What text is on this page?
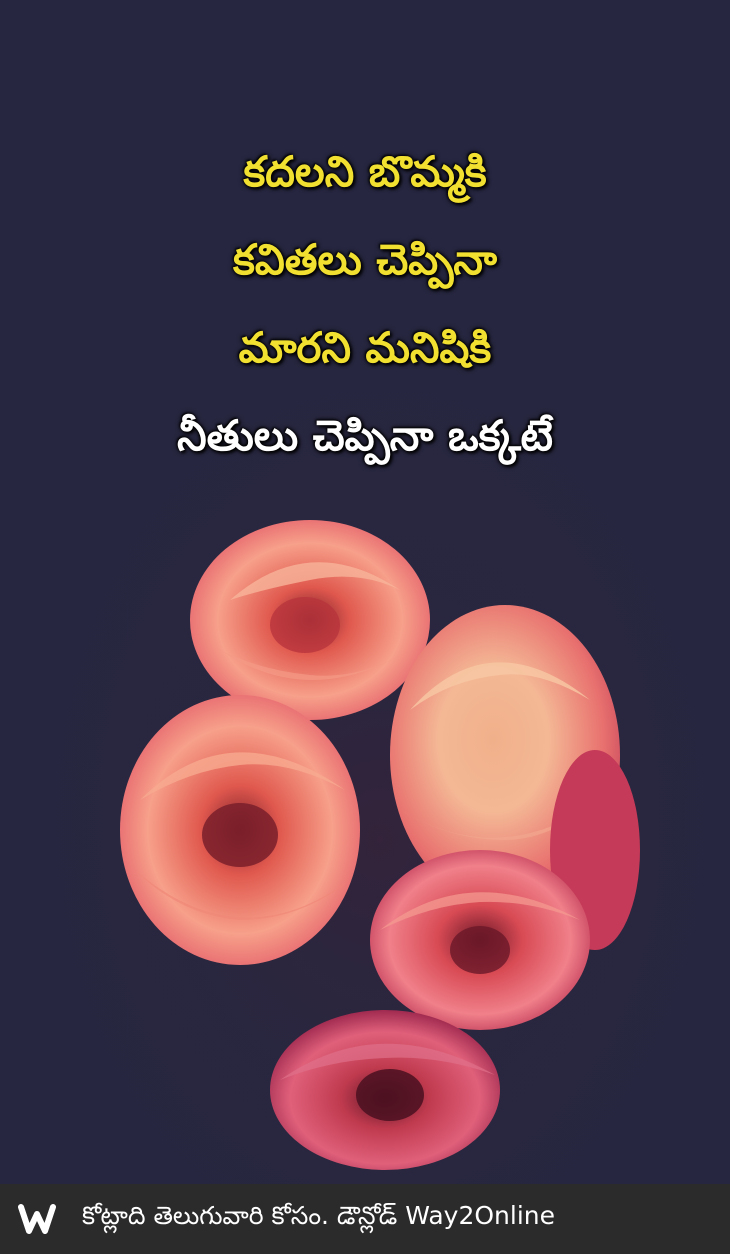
కదలని బొమ్మకి
కవితలు చెప్పినా
మారని మనిషికి
నీతులు చెప్పినా ఒక్కటే
కోట్లాది తెలుగువారి కోసం. డౌన్లోడ్ Way2Online
